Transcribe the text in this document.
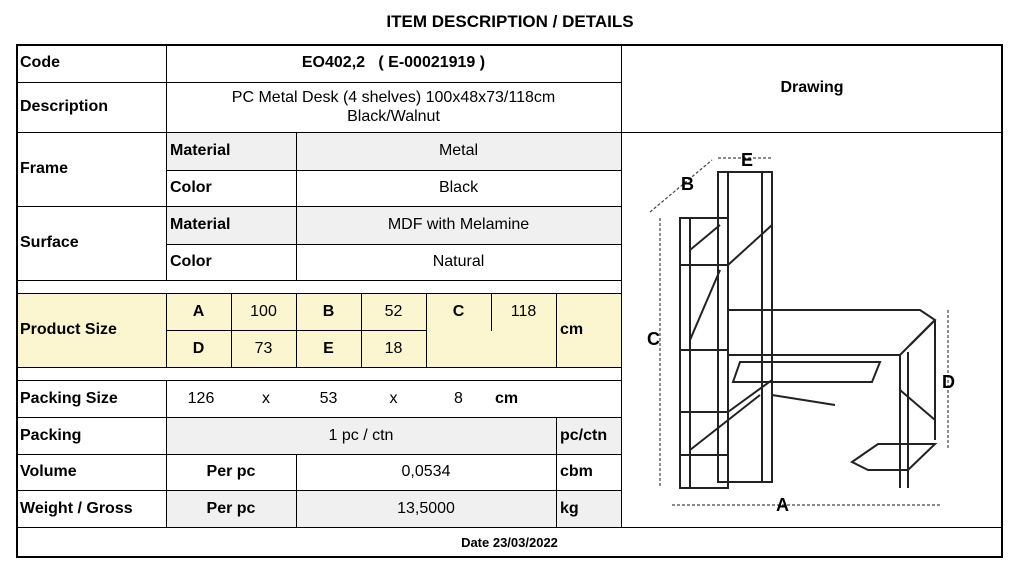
ITEM DESCRIPTION / DETAILS
Code	EO402,2   ( E-00021919 )
Description
PC Metal Desk (4 shelves) 100x48x73/118cm
Black/Walnut
Drawing
Frame
Material	Metal
Color	Black
Surface
Material	MDF with Melamine
Color	Natural
Product Size
A	100	B	52	C	118
D	73	E	18
cm
Packing Size	126	x	53	x	8	cm
Packing	1 pc / ctn	pc/ctn
Volume	Per pc	0,0534	cbm
Weight / Gross	Per pc	13,5000	kg
Date 23/03/2022
C
D
A
B
E
